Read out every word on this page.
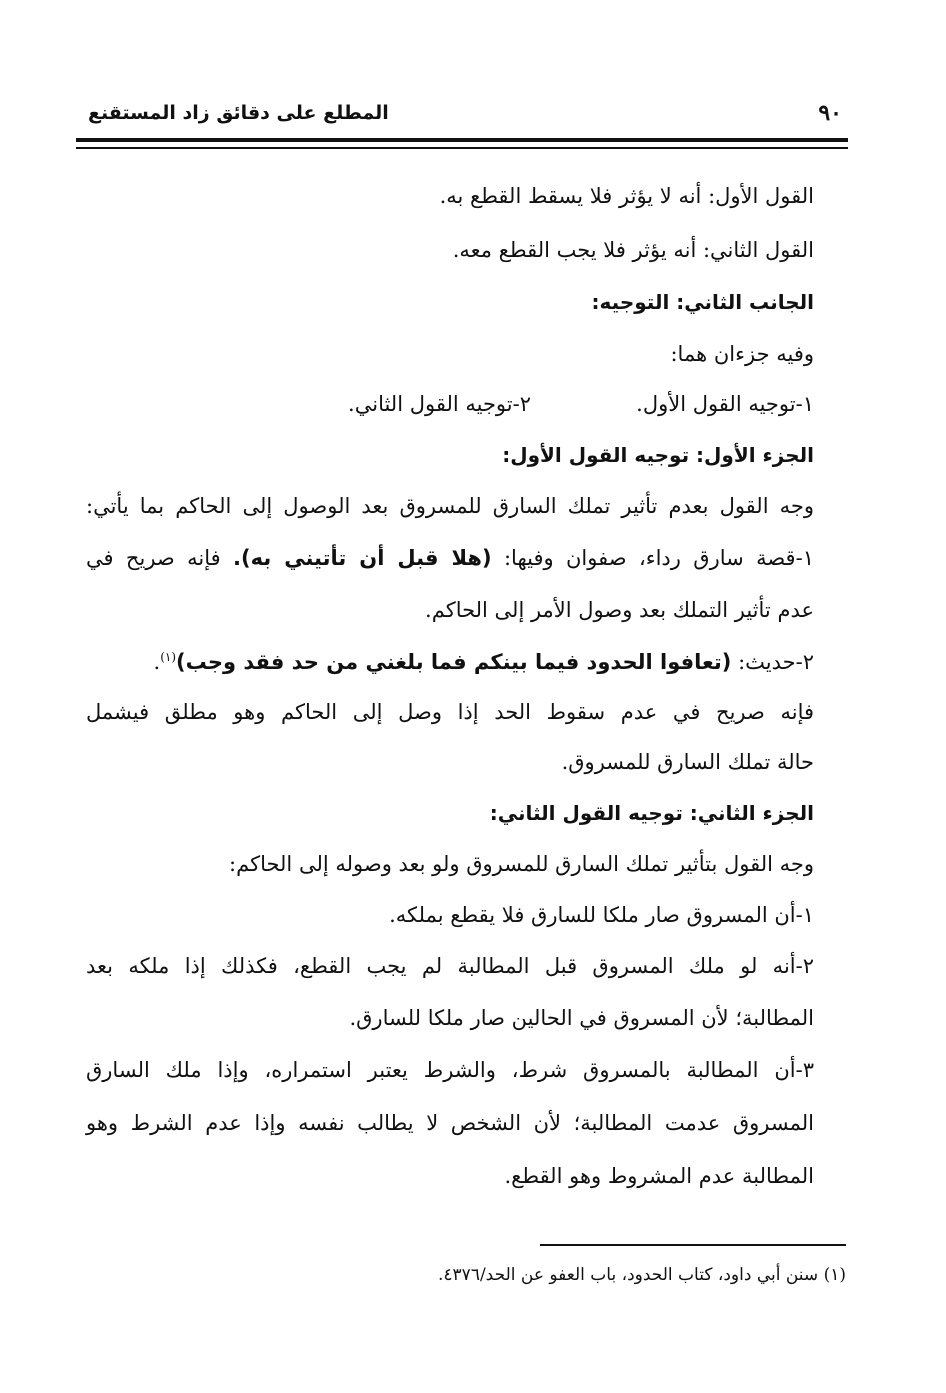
٩٠
المطلع على دقائق زاد المستقنع
القول الأول: أنه لا يؤثر فلا يسقط القطع به.
القول الثاني: أنه يؤثر فلا يجب القطع معه.
الجانب الثاني: التوجيه:
وفيه جزءان هما:
١-توجيه القول الأول.
٢-توجيه القول الثاني.
الجزء الأول: توجيه القول الأول:
وجه القول بعدم تأثير تملك السارق للمسروق بعد الوصول إلى الحاكم بما يأتي:
١-قصة سارق رداء، صفوان وفيها: (هلا قبل أن تأتيني به). فإنه صريح في
عدم تأثير التملك بعد وصول الأمر إلى الحاكم.
٢-حديث: (تعافوا الحدود فيما بينكم فما بلغني من حد فقد وجب)$^{(١)}$.
فإنه صريح في عدم سقوط الحد إذا وصل إلى الحاكم وهو مطلق فيشمل
حالة تملك السارق للمسروق.
الجزء الثاني: توجيه القول الثاني:
وجه القول بتأثير تملك السارق للمسروق ولو بعد وصوله إلى الحاكم:
١-أن المسروق صار ملكا للسارق فلا يقطع بملكه.
٢-أنه لو ملك المسروق قبل المطالبة لم يجب القطع، فكذلك إذا ملكه بعد
المطالبة؛ لأن المسروق في الحالين صار ملكا للسارق.
٣-أن المطالبة بالمسروق شرط، والشرط يعتبر استمراره، وإذا ملك السارق
المسروق عدمت المطالبة؛ لأن الشخص لا يطالب نفسه وإذا عدم الشرط وهو
المطالبة عدم المشروط وهو القطع.
(١) سنن أبي داود، كتاب الحدود، باب العفو عن الحد/٤٣٧٦.
